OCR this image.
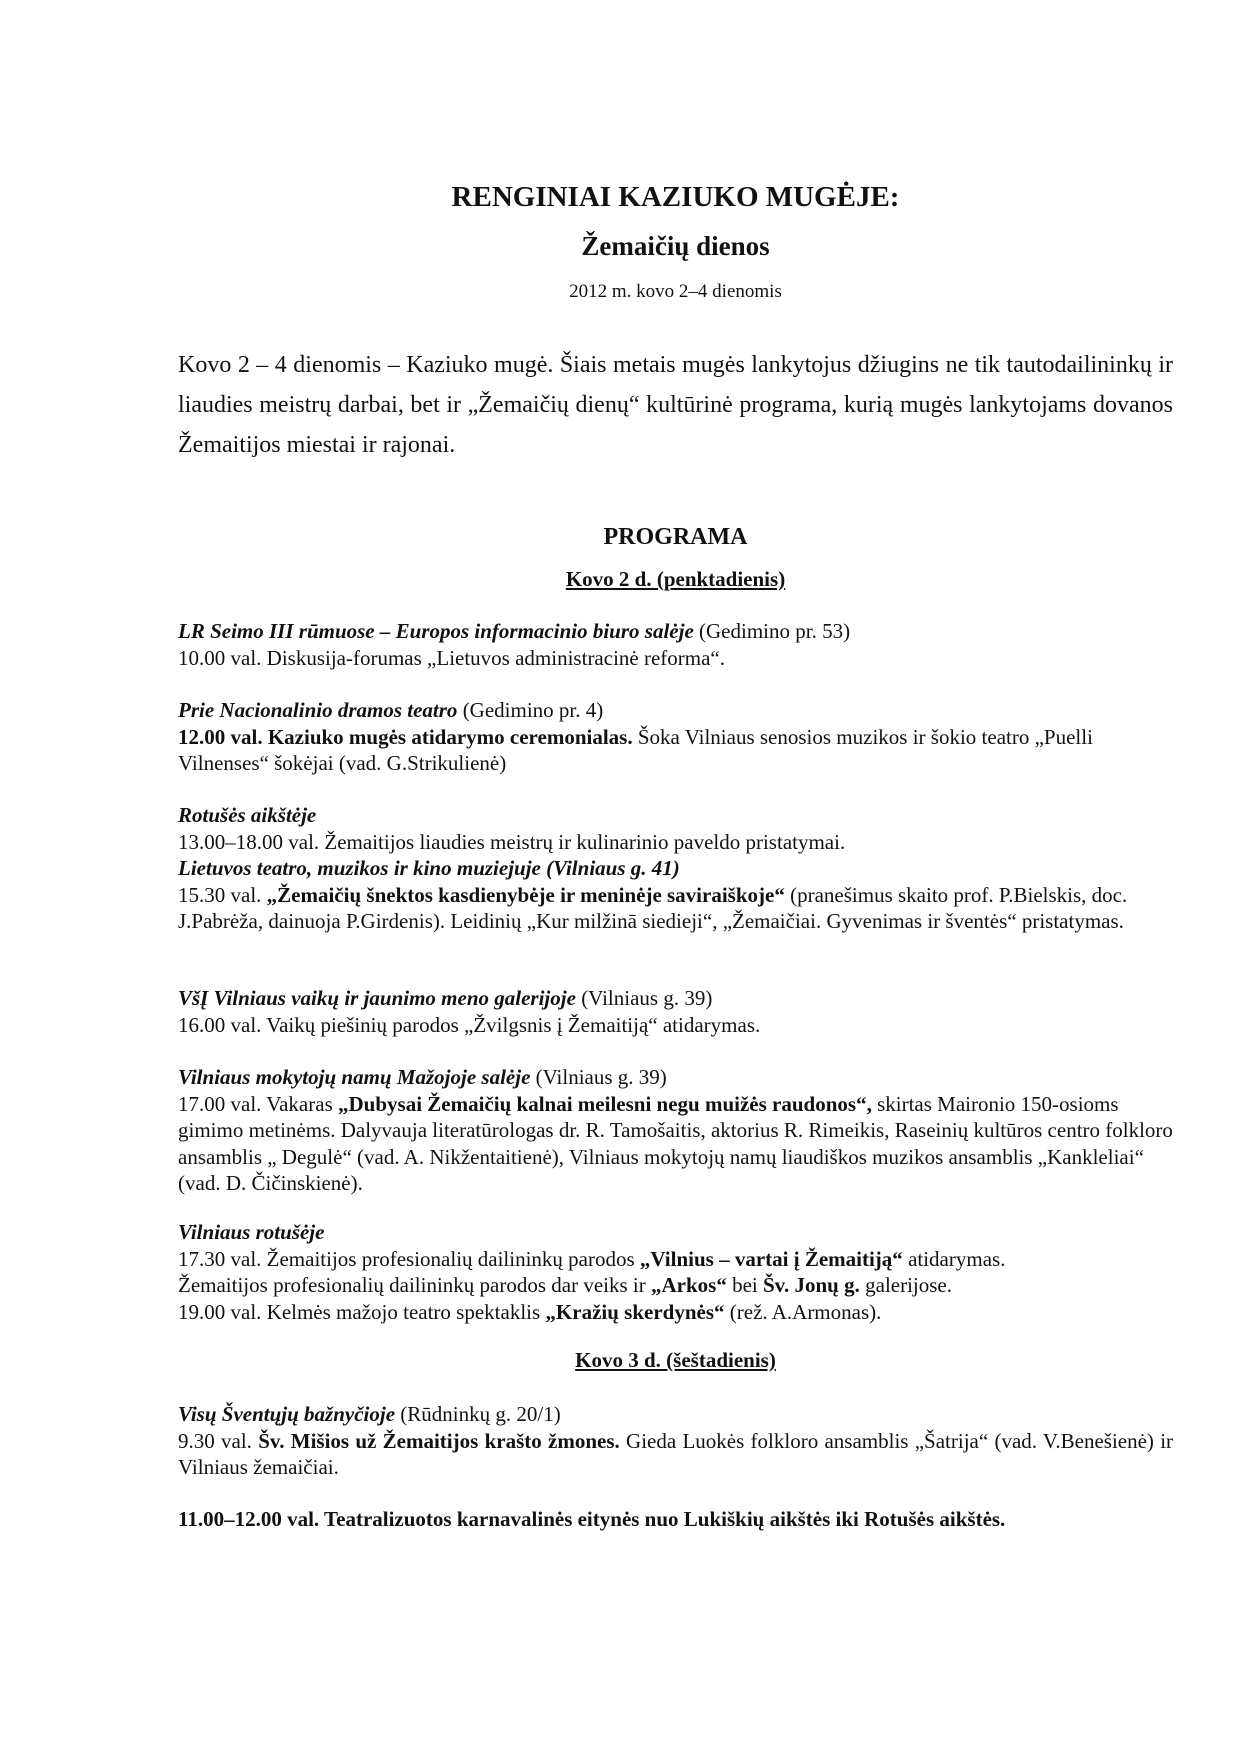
RENGINIAI KAZIUKO MUGĖJE:
Žemaičių dienos
2012 m. kovo 2–4 dienomis
Kovo 2 – 4 dienomis – Kaziuko mugė. Šiais metais mugės lankytojus džiugins ne tik tautodailininkų ir liaudies meistrų darbai, bet ir „Žemaičių dienų“ kultūrinė programa, kurią mugės lankytojams dovanos Žemaitijos miestai ir rajonai.
PROGRAMA
Kovo 2 d. (penktadienis)

LR Seimo III rūmuose – Europos informacinio biuro salėje (Gedimino pr. 53)

10.00 val. Diskusija-forumas „Lietuvos administracinė reforma“.

Prie Nacionalinio dramos teatro (Gedimino pr. 4)

12.00 val. Kaziuko mugės atidarymo ceremonialas. Šoka Vilniaus senosios muzikos ir šokio teatro „Puelli Vilnenses“ šokėjai (vad. G.Strikulienė)

Rotušės aikštėje

13.00–18.00 val. Žemaitijos liaudies meistrų ir kulinarinio paveldo pristatymai.

Lietuvos teatro, muzikos ir kino muziejuje (Vilniaus g. 41)

15.30 val. „Žemaičių šnektos kasdienybėje ir meninėje saviraiškoje“ (pranešimus skaito prof. P.Bielskis, doc. J.Pabrėža, dainuoja P.Girdenis). Leidinių „Kur milžinā siedieji“, „Žemaičiai. Gyvenimas ir šventės“ pristatymas.

VšĮ Vilniaus vaikų ir jaunimo meno galerijoje (Vilniaus g. 39)

16.00 val. Vaikų piešinių parodos „Žvilgsnis į Žemaitiją“ atidarymas.

Vilniaus mokytojų namų Mažojoje salėje (Vilniaus g. 39)

17.00 val. Vakaras „Dubysai Žemaičių kalnai meilesni negu muižės raudonos“, skirtas Maironio 150-osioms gimimo metinėms. Dalyvauja literatūrologas dr. R. Tamošaitis, aktorius R. Rimeikis, Raseinių kultūros centro folkloro ansamblis „ Degulė“ (vad. A. Nikžentaitienė), Vilniaus mokytojų namų liaudiškos muzikos ansamblis „Kankleliai“ (vad. D. Čičinskienė).

Vilniaus rotušėje

17.30 val. Žemaitijos profesionalių dailininkų parodos „Vilnius – vartai į Žemaitiją“ atidarymas.

Žemaitijos profesionalių dailininkų parodos dar veiks ir „Arkos“ bei Šv. Jonų g. galerijose.

19.00 val. Kelmės mažojo teatro spektaklis „Kražių skerdynės“ (rež. A.Armonas).

Kovo 3 d. (šeštadienis)

Visų Šventųjų bažnyčioje (Rūdninkų g. 20/1)

9.30 val. Šv. Mišios už Žemaitijos krašto žmones. Gieda Luokės folkloro ansamblis „Šatrija“ (vad. V.Benešienė) ir Vilniaus žemaičiai.

11.00–12.00 val. Teatralizuotos karnavalinės eitynės nuo Lukiškių aikštės iki Rotušės aikštės.
